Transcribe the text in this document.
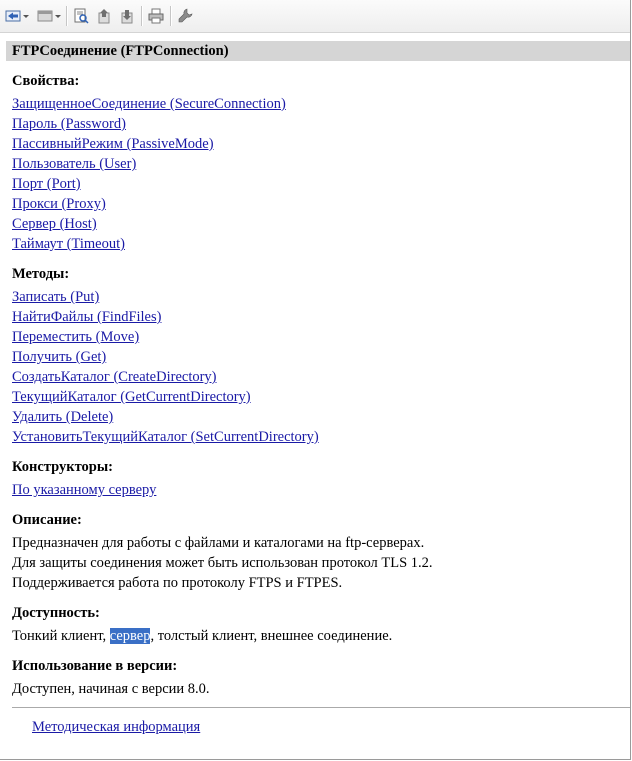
FTPСоединение (FTPConnection)
Свойства:
ЗащищенноеСоединение (SecureConnection)
Пароль (Password)
ПассивныйРежим (PassiveMode)
Пользователь (User)
Порт (Port)
Прокси (Proxy)
Сервер (Host)
Таймаут (Timeout)
Методы:
Записать (Put)
НайтиФайлы (FindFiles)
Переместить (Move)
Получить (Get)
СоздатьКаталог (CreateDirectory)
ТекущийКаталог (GetCurrentDirectory)
Удалить (Delete)
УстановитьТекущийКаталог (SetCurrentDirectory)
Конструкторы:
По указанному серверу
Описание:
Предназначен для работы с файлами и каталогами на ftp-серверах.
Для защиты соединения может быть использован протокол TLS 1.2.
Поддерживается работа по протоколу FTPS и FTPES.
Доступность:
Тонкий клиент, сервер, толстый клиент, внешнее соединение.
Использование в версии:
Доступен, начиная с версии 8.0.
Методическая информация
